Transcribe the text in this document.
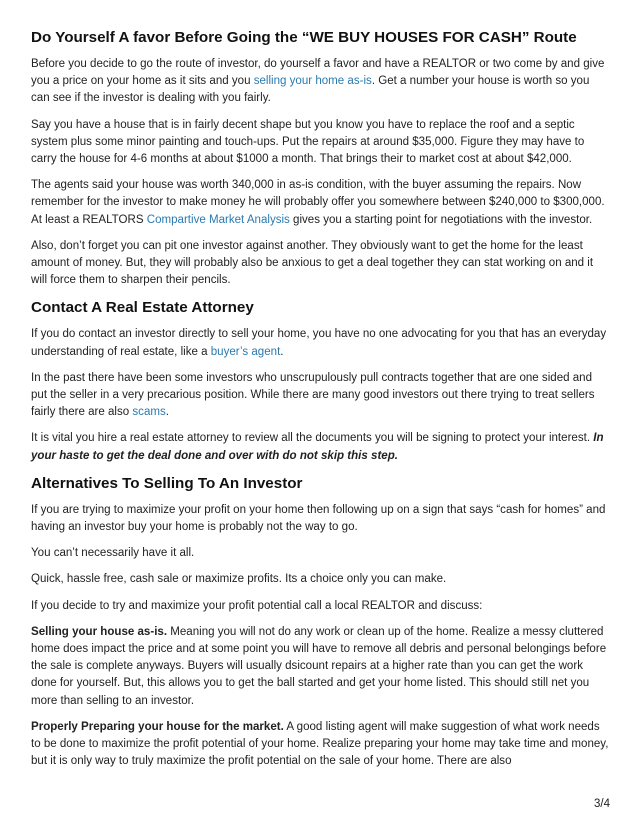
Do Yourself A favor Before Going the “WE BUY HOUSES FOR CASH” Route

Before you decide to go the route of investor, do yourself a favor and have a REALTOR or two come by and give you a price on your home as it sits and you selling your home as-is. Get a number your house is worth so you can see if the investor is dealing with you fairly.

Say you have a house that is in fairly decent shape but you know you have to replace the roof and a septic system plus some minor painting and touch-ups. Put the repairs at around $35,000. Figure they may have to carry the house for 4-6 months at about $1000 a month. That brings their to market cost at about $42,000.

The agents said your house was worth 340,000 in as-is condition, with the buyer assuming the repairs. Now remember for the investor to make money he will probably offer you somewhere between $240,000 to $300,000. At least a REALTORS Compartive Market Analysis gives you a starting point for negotiations with the investor.

Also, don’t forget you can pit one investor against another. They obviously want to get the home for the least amount of money. But, they will probably also be anxious to get a deal together they can stat working on and it will force them to sharpen their pencils.

Contact A Real Estate Attorney

If you do contact an investor directly to sell your home, you have no one advocating for you that has an everyday understanding of real estate, like a buyer’s agent.

In the past there have been some investors who unscrupulously pull contracts together that are one sided and put the seller in a very precarious position. While there are many good investors out there trying to treat sellers fairly there are also scams.

It is vital you hire a real estate attorney to review all the documents you will be signing to protect your interest. In your haste to get the deal done and over with do not skip this step.

Alternatives To Selling To An Investor

If you are trying to maximize your profit on your home then following up on a sign that says “cash for homes” and having an investor buy your home is probably not the way to go.

You can’t necessarily have it all.

Quick, hassle free, cash sale or maximize profits. Its a choice only you can make.

If you decide to try and maximize your profit potential call a local REALTOR and discuss:

Selling your house as-is. Meaning you will not do any work or clean up of the home. Realize a messy cluttered home does impact the price and at some point you will have to remove all debris and personal belongings before the sale is complete anyways. Buyers will usually dsicount repairs at a higher rate than you can get the work done for yourself. But, this allows you to get the ball started and get your home listed. This should still net you more than selling to an investor.

Properly Preparing your house for the market. A good listing agent will make suggestion of what work needs to be done to maximize the profit potential of your home. Realize preparing your home may take time and money, but it is only way to truly maximize the profit potential on the sale of your home. There are also

3/4
